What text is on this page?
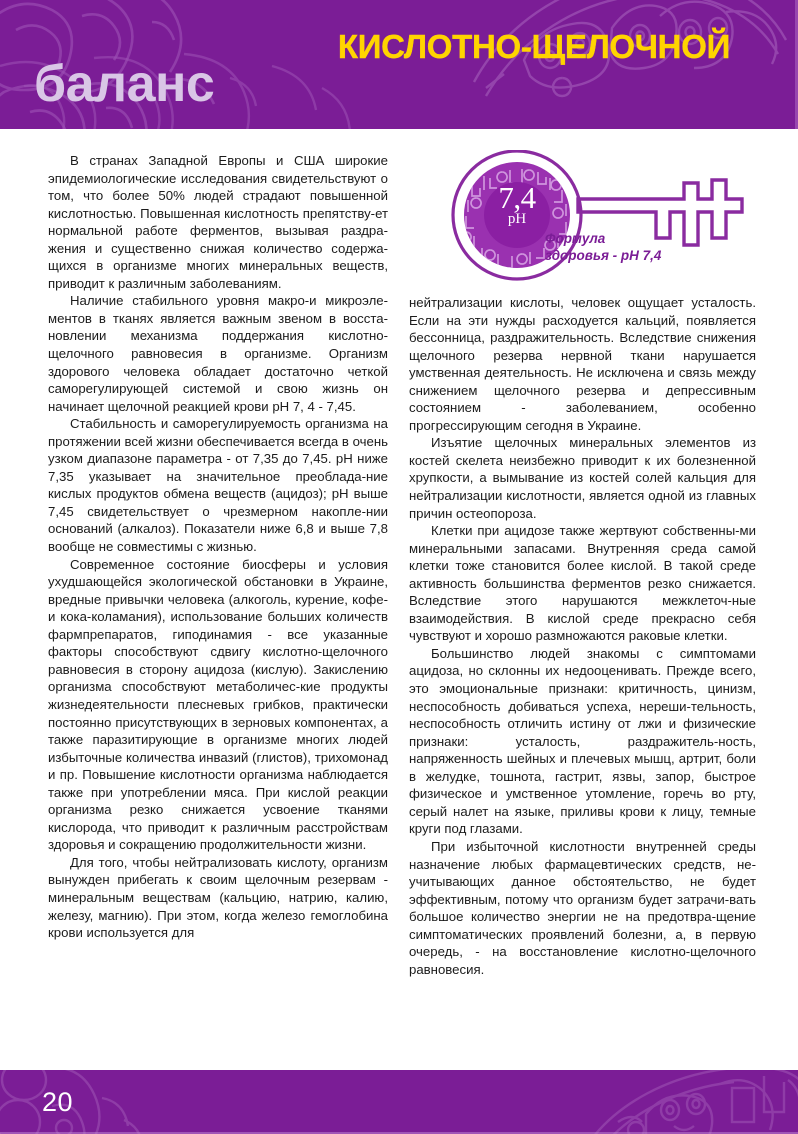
КИСЛОТНО-ЩЕЛОЧНОЙ
баланс
7,4
pH
Формула
здоровья - pH 7,4

В странах Западной Европы и США широкие эпидемиологические исследования свидетельствуют о том, что более 50% людей страдают повышенной кислотностью. Повышенная кислотность препятству-ет нормальной работе ферментов, вызывая раздра-жения и существенно снижая количество содержа-щихся в организме многих минеральных веществ, приводит к различным заболеваниям.

Наличие стабильного уровня макро-и микроэле-ментов в тканях является важным звеном в восста-новлении механизма поддержания кислотно-щелочного равновесия в организме. Организм здорового человека обладает достаточно четкой саморегулирующей системой и свою жизнь он начинает щелочной реакцией крови рН 7, 4 - 7,45.

Стабильность и саморегулируемость организма на протяжении всей жизни обеспечивается всегда в очень узком диапазоне параметра - от 7,35 до 7,45. рН ниже 7,35 указывает на значительное преоблада-ние кислых продуктов обмена веществ (ацидоз); рН выше 7,45 свидетельствует о чрезмерном накопле-нии оснований (алкалоз). Показатели ниже 6,8 и выше 7,8 вообще не совместимы с жизнью.

Современное состояние биосферы и условия ухудшающейся экологической обстановки в Украине, вредные привычки человека (алкоголь, курение, кофе- и кока-коламания), использование больших количеств фармпрепаратов, гиподинамия - все указанные факторы способствуют сдвигу кислотно-щелочного равновесия в сторону ацидоза (кислую). Закислению организма способствуют метаболичес-кие продукты жизнедеятельности плесневых грибков, практически постоянно присутствующих в зерновых компонентах, а также паразитирующие в организме многих людей избыточные количества инвазий (глистов), трихомонад и пр. Повышение кислотности организма наблюдается также при употреблении мяса. При кислой реакции организма резко снижается усвоение тканями кислорода, что приводит к различным расстройствам здоровья и сокращению продолжительности жизни.

Для того, чтобы нейтрализовать кислоту, организм вынужден прибегать к своим щелочным резервам - минеральным веществам (кальцию, натрию, калию, железу, магнию). При этом, когда железо гемоглобина крови используется для

нейтрализации кислоты, человек ощущает усталость. Если на эти нужды расходуется кальций, появляется бессонница, раздражительность. Вследствие снижения щелочного резерва нервной ткани нарушается умственная деятельность. Не исключена и связь между снижением щелочного резерва и депрессивным состоянием - заболеванием, особенно прогрессирующим сегодня в Украине.

Изъятие щелочных минеральных элементов из костей скелета неизбежно приводит к их болезненной хрупкости, а вымывание из костей солей кальция для нейтрализации кислотности, является одной из главных причин остеопороза.

Клетки при ацидозе также жертвуют собственны-ми минеральными запасами. Внутренняя среда самой клетки тоже становится более кислой. В такой среде активность большинства ферментов резко снижается. Вследствие этого нарушаются межклеточ-ные взаимодействия. В кислой среде прекрасно себя чувствуют и хорошо размножаются раковые клетки.

Большинство людей знакомы с симптомами ацидоза, но склонны их недооценивать. Прежде всего, это эмоциональные признаки: критичность, цинизм, неспособность добиваться успеха, нереши-тельность, неспособность отличить истину от лжи и физические признаки: усталость, раздражитель-ность, напряженность шейных и плечевых мышц, артрит, боли в желудке, тошнота, гастрит, язвы, запор, быстрое физическое и умственное утомление, горечь во рту, серый налет на языке, приливы крови к лицу, темные круги под глазами.

При избыточной кислотности внутренней среды назначение любых фармацевтических средств, не-учитывающих данное обстоятельство, не будет эффективным, потому что организм будет затрачи-вать большое количество энергии не на предотвра-щение симптоматических проявлений болезни, а, в первую очередь, - на восстановление кислотно-щелочного равновесия.

20
